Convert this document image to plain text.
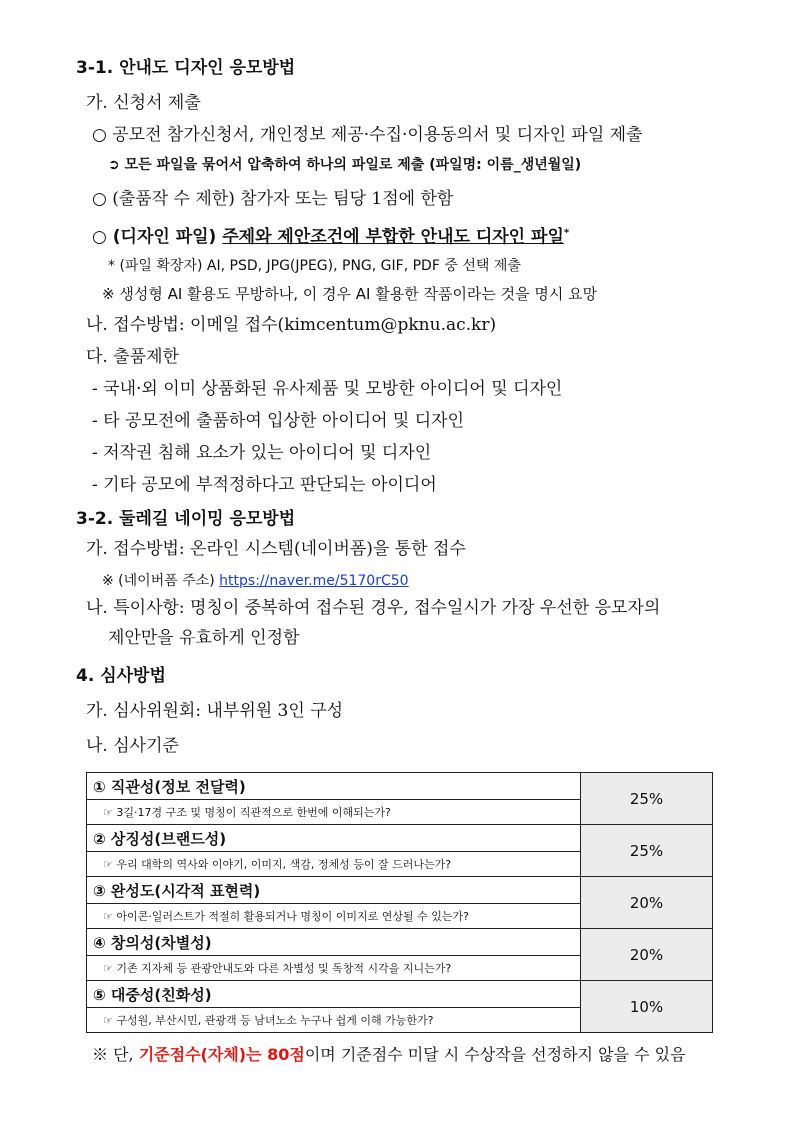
3-1. 안내도 디자인 응모방법
가. 신청서 제출
○ 공모전 참가신청서, 개인정보 제공·수집·이용동의서 및 디자인 파일 제출
➲ 모든 파일을 묶어서 압축하여 하나의 파일로 제출 (파일명: 이름_생년월일)
○ (출품작 수 제한) 참가자 또는 팀당 1점에 한함
○ (디자인 파일) 주제와 제안조건에 부합한 안내도 디자인 파일*
* (파일 확장자) AI, PSD, JPG(JPEG), PNG, GIF, PDF 중 선택 제출
※ 생성형 AI 활용도 무방하나, 이 경우 AI 활용한 작품이라는 것을 명시 요망
나. 접수방법: 이메일 접수(kimcentum@pknu.ac.kr)
다. 출품제한
- 국내·외 이미 상품화된 유사제품 및 모방한 아이디어 및 디자인
- 타 공모전에 출품하여 입상한 아이디어 및 디자인
- 저작권 침해 요소가 있는 아이디어 및 디자인
- 기타 공모에 부적정하다고 판단되는 아이디어
3-2. 둘레길 네이밍 응모방법
가. 접수방법: 온라인 시스템(네이버폼)을 통한 접수
※ (네이버폼 주소) https://naver.me/5170rC50
나. 특이사항: 명칭이 중복하여 접수된 경우, 접수일시가 가장 우선한 응모자의
제안만을 유효하게 인정함
4. 심사방법
가. 심사위원회: 내부위원 3인 구성
나. 심사기준
① 직관성(정보 전달력)	25%
☞ 3길·17경 구조 및 명칭이 직관적으로 한번에 이해되는가?	
② 상징성(브랜드성)	25%
☞ 우리 대학의 역사와 이야기, 이미지, 색감, 정체성 등이 잘 드러나는가?	
③ 완성도(시각적 표현력)	20%
☞ 아이콘·일러스트가 적절히 활용되거나 명칭이 이미지로 연상될 수 있는가?	
④ 창의성(차별성)	20%
☞ 기존 지자체 등 관광안내도와 다른 차별성 및 독창적 시각을 지니는가?	
⑤ 대중성(친화성)	10%
☞ 구성원, 부산시민, 관광객 등 남녀노소 누구나 쉽게 이해 가능한가?	
※ 단, 기준점수(자체)는 80점이며 기준점수 미달 시 수상작을 선정하지 않을 수 있음
